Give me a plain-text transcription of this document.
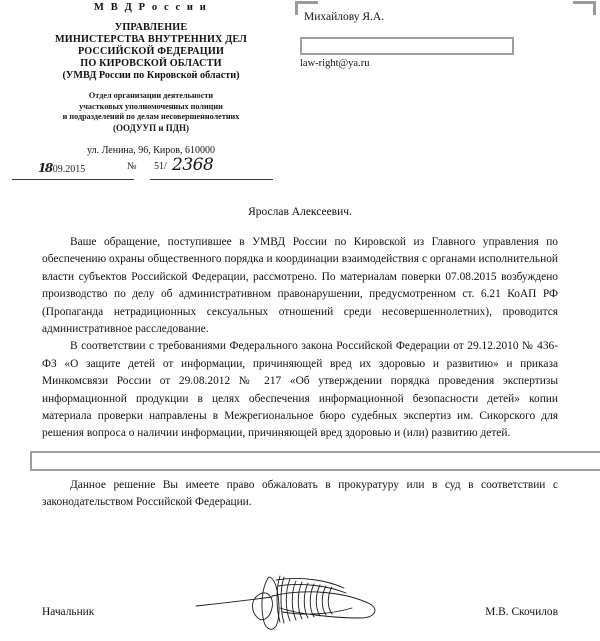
М В Д Р о с с и и
УПРАВЛЕНИЕ
МИНИСТЕРСТВА ВНУТРЕННИХ ДЕЛ
РОССИЙСКОЙ ФЕДЕРАЦИИ
ПО КИРОВСКОЙ ОБЛАСТИ
(УМВД России по Кировской области)
Отдел организации деятельности
участковых уполномоченных полиции
и подразделений по делам несовершеннолетних
(ООДУУП и ПДН)
ул. Ленина, 96, Киров, 610000
1809.2015	№ 51/ 2368
Михайлову Я.А.
law-right@ya.ru
Ярослав Алексеевич.

Ваше обращение, поступившее в УМВД России по Кировской из Главного управления по обеспечению охраны общественного порядка и координации взаимодействия с органами исполнительной власти субъектов Российской Федерации, рассмотрено. По материалам поверки 07.08.2015 возбуждено производство по делу об административном правонарушении, предусмотренном ст. 6.21 КоАП РФ (Пропаганда нетрадиционных сексуальных отношений среди несовершеннолетних), проводится административное расследование.

В соответствии с требованиями Федерального закона Российской Федерации от 29.12.2010 № 436-ФЗ «О защите детей от информации, причиняющей вред их здоровью и развитию» и приказа Минкомсвязи России от 29.08.2012 № 217 «Об утверждении порядка проведения экспертизы информационной продукции в целях обеспечения информационной безопасности детей» копии материала проверки направлены в Межрегиональное бюро судебных экспертиз им. Сикорского для решения вопроса о наличии информации, причиняющей вред здоровью и (или) развитию детей.

Данное решение Вы имеете право обжаловать в прокуратуру или в суд в соответствии с законодательством Российской Федерации.

Начальник	М.В. Скочилов
